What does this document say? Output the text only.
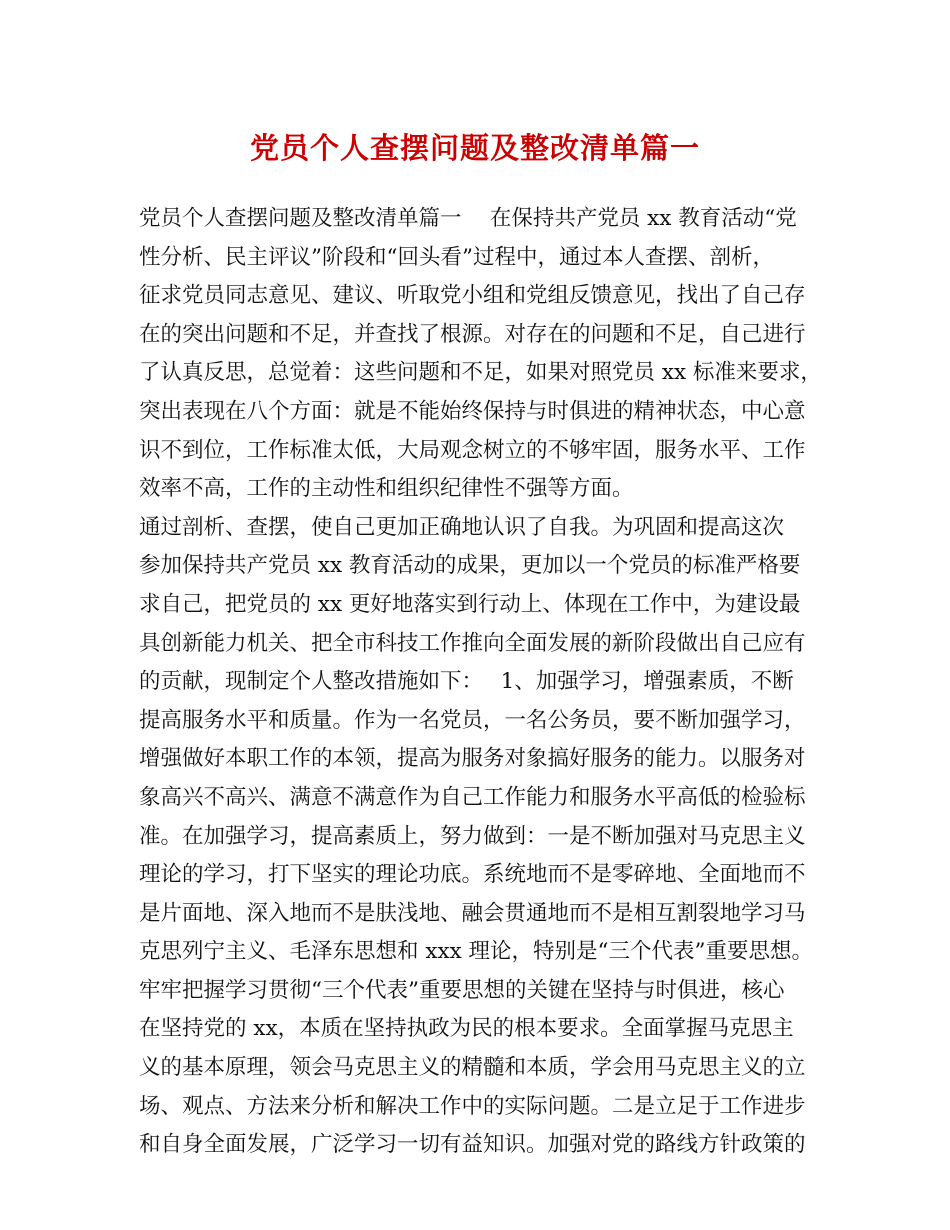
党员个人查摆问题及整改清单篇一
党员个人查摆问题及整改清单篇一　 在保持共产党员 xx 教育活动“党
性分析、民主评议”阶段和“回头看”过程中，通过本人查摆、剖析，
征求党员同志意见、建议、听取党小组和党组反馈意见，找出了自己存
在的突出问题和不足，并查找了根源。对存在的问题和不足，自己进行
了认真反思，总觉着：这些问题和不足，如果对照党员 xx 标准来要求，
突出表现在八个方面：就是不能始终保持与时俱进的精神状态，中心意
识不到位，工作标准太低，大局观念树立的不够牢固，服务水平、工作
效率不高，工作的主动性和组织纪律性不强等方面。
通过剖析、查摆，使自己更加正确地认识了自我。为巩固和提高这次
参加保持共产党员 xx 教育活动的成果，更加以一个党员的标准严格要
求自己，把党员的 xx 更好地落实到行动上、体现在工作中，为建设最
具创新能力机关、把全市科技工作推向全面发展的新阶段做出自己应有
的贡献，现制定个人整改措施如下：　 1、加强学习，增强素质，不断
提高服务水平和质量。作为一名党员，一名公务员，要不断加强学习，
增强做好本职工作的本领，提高为服务对象搞好服务的能力。以服务对
象高兴不高兴、满意不满意作为自己工作能力和服务水平高低的检验标
准。在加强学习，提高素质上，努力做到：一是不断加强对马克思主义
理论的学习，打下坚实的理论功底。系统地而不是零碎地、全面地而不
是片面地、深入地而不是肤浅地、融会贯通地而不是相互割裂地学习马
克思列宁主义、毛泽东思想和 xxx 理论，特别是“三个代表”重要思想。
牢牢把握学习贯彻“三个代表”重要思想的关键在坚持与时俱进，核心
在坚持党的 xx，本质在坚持执政为民的根本要求。全面掌握马克思主
义的基本原理，领会马克思主义的精髓和本质，学会用马克思主义的立
场、观点、方法来分析和解决工作中的实际问题。二是立足于工作进步
和自身全面发展，广泛学习一切有益知识。加强对党的路线方针政策的
